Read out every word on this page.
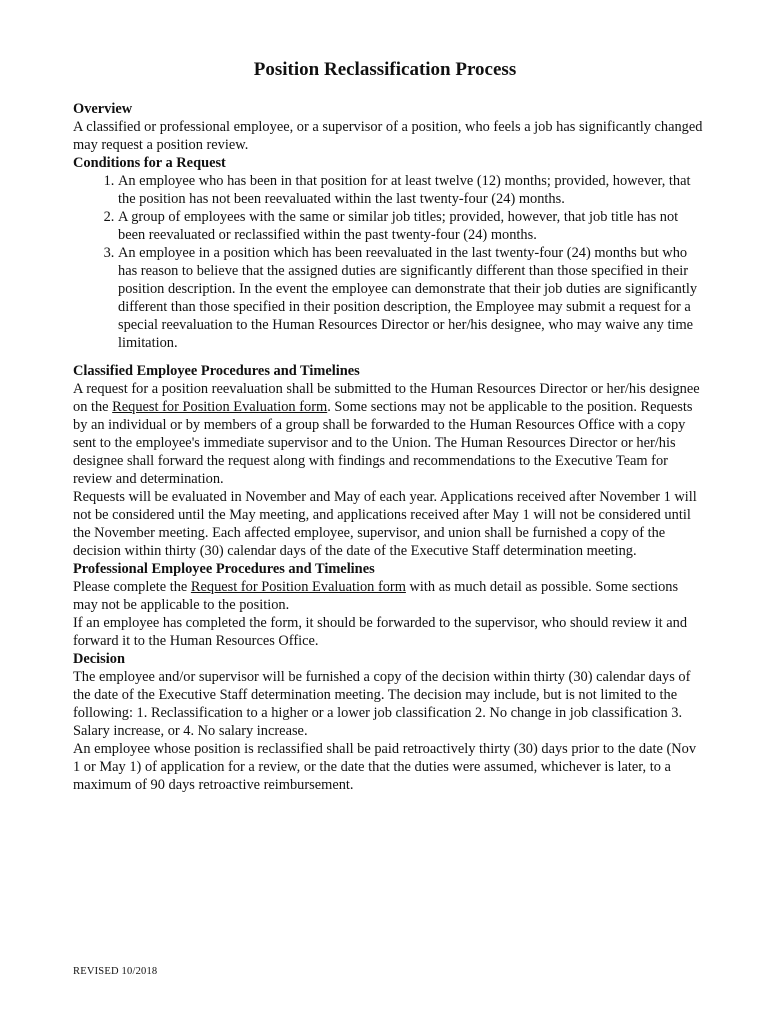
Position Reclassification Process

Overview

A classified or professional employee, or a supervisor of a position, who feels a job has significantly changed may request a position review.

Conditions for a Request

1. An employee who has been in that position for at least twelve (12) months; provided, however, that the position has not been reevaluated within the last twenty-four (24) months.
2. A group of employees with the same or similar job titles; provided, however, that job title has not been reevaluated or reclassified within the past twenty-four (24) months.
3. An employee in a position which has been reevaluated in the last twenty-four (24) months but who has reason to believe that the assigned duties are significantly different than those specified in their position description. In the event the employee can demonstrate that their job duties are significantly different than those specified in their position description, the Employee may submit a request for a special reevaluation to the Human Resources Director or her/his designee, who may waive any time limitation.

Classified Employee Procedures and Timelines

A request for a position reevaluation shall be submitted to the Human Resources Director or her/his designee on the Request for Position Evaluation form. Some sections may not be applicable to the position. Requests by an individual or by members of a group shall be forwarded to the Human Resources Office with a copy sent to the employee's immediate supervisor and to the Union. The Human Resources Director or her/his designee shall forward the request along with findings and recommendations to the Executive Team for review and determination.

Requests will be evaluated in November and May of each year. Applications received after November 1 will not be considered until the May meeting, and applications received after May 1 will not be considered until the November meeting. Each affected employee, supervisor, and union shall be furnished a copy of the decision within thirty (30) calendar days of the date of the Executive Staff determination meeting.

Professional Employee Procedures and Timelines

Please complete the Request for Position Evaluation form with as much detail as possible. Some sections may not be applicable to the position.

If an employee has completed the form, it should be forwarded to the supervisor, who should review it and forward it to the Human Resources Office.

Decision

The employee and/or supervisor will be furnished a copy of the decision within thirty (30) calendar days of the date of the Executive Staff determination meeting. The decision may include, but is not limited to the following: 1. Reclassification to a higher or a lower job classification 2. No change in job classification 3. Salary increase, or 4. No salary increase.

An employee whose position is reclassified shall be paid retroactively thirty (30) days prior to the date (Nov 1 or May 1) of application for a review, or the date that the duties were assumed, whichever is later, to a maximum of 90 days retroactive reimbursement.

REVISED 10/2018
